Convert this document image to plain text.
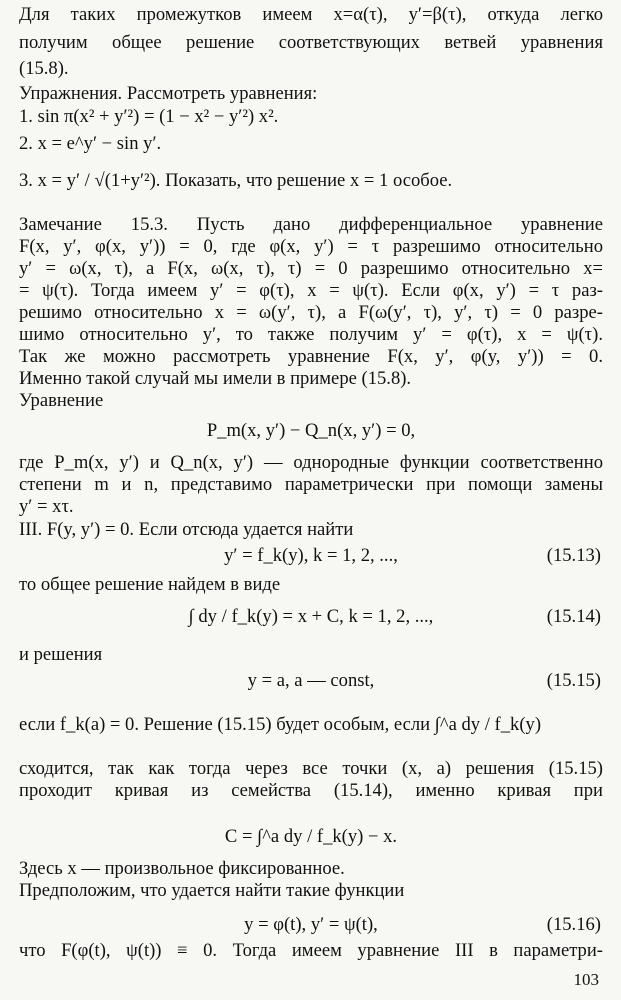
Для таких промежутков имеем x=α(τ), y′=β(τ), откуда легко
получим общее решение соответствующих ветвей уравнения
(15.8).
Упражнения. Рассмотреть уравнения:
1. sin π(x² + y′²) = (1 − x² − y′²) x².
2. x = e^y′ − sin y′.
3. x = y′ / √(1+y′²). Показать, что решение x = 1 особое.
Замечание 15.3. Пусть дано дифференциальное уравнение
F(x, y′, φ(x, y′)) = 0, где φ(x, y′) = τ разрешимо относительно
y′ = ω(x, τ), а F(x, ω(x, τ), τ) = 0 разрешимо относительно x=
= ψ(τ). Тогда имеем y′ = φ(τ), x = ψ(τ). Если φ(x, y′) = τ раз-
решимо относительно x = ω(y′, τ), а F(ω(y′, τ), y′, τ) = 0 разре-
шимо относительно y′, то также получим y′ = φ(τ), x = ψ(τ).
Так же можно рассмотреть уравнение F(x, y′, φ(y, y′)) = 0.
Именно такой случай мы имели в примере (15.8).
Уравнение
P_m(x, y′) − Q_n(x, y′) = 0,
где P_m(x, y′) и Q_n(x, y′) — однородные функции соответственно
степени m и n, представимо параметрически при помощи замены
y′ = xτ.
III. F(y, y′) = 0. Если отсюда удается найти
y′ = f_k(y), k = 1, 2, ...,	(15.13)
то общее решение найдем в виде
∫ dy / f_k(y) = x + C, k = 1, 2, ...,	(15.14)
и решения
y = a, a — const,	(15.15)
если f_k(a) = 0. Решение (15.15) будет особым, если ∫^a dy / f_k(y)
сходится, так как тогда через все точки (x, a) решения (15.15)
проходит кривая из семейства (15.14), именно кривая при
C = ∫^a dy / f_k(y) − x.
Здесь x — произвольное фиксированное.
Предположим, что удается найти такие функции
y = φ(t), y′ = ψ(t),	(15.16)
что F(φ(t), ψ(t)) ≡ 0. Тогда имеем уравнение III в параметри-
103
